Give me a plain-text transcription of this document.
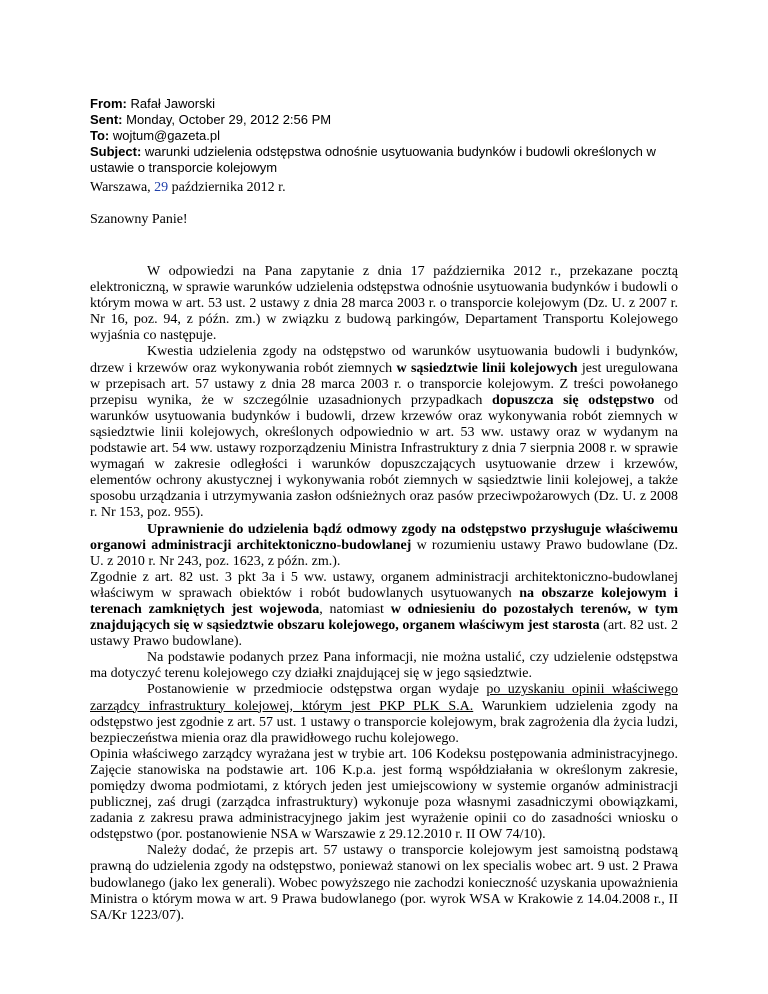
From: Rafał Jaworski
Sent: Monday, October 29, 2012 2:56 PM
To: wojtum@gazeta.pl
Subject: warunki udzielenia odstępstwa odnośnie usytuowania budynków i budowli określonych w ustawie o transporcie kolejowym
Warszawa, 29 października 2012 r.
Szanowny Panie!

W odpowiedzi na Pana zapytanie z dnia 17 października 2012 r., przekazane pocztą elektroniczną, w sprawie warunków udzielenia odstępstwa odnośnie usytuowania budynków i budowli o którym mowa w art. 53 ust. 2 ustawy z dnia 28 marca 2003 r. o transporcie kolejowym (Dz. U. z 2007 r. Nr 16, poz. 94, z późn. zm.) w związku z budową parkingów, Departament Transportu Kolejowego wyjaśnia co następuje.

Kwestia udzielenia zgody na odstępstwo od warunków usytuowania budowli i budynków, drzew i krzewów oraz wykonywania robót ziemnych w sąsiedztwie linii kolejowych jest uregulowana w przepisach art. 57 ustawy z dnia 28 marca 2003 r. o transporcie kolejowym. Z treści powołanego przepisu wynika, że w szczególnie uzasadnionych przypadkach dopuszcza się odstępstwo od warunków usytuowania budynków i budowli, drzew krzewów oraz wykonywania robót ziemnych w sąsiedztwie linii kolejowych, określonych odpowiednio w art. 53 ww. ustawy oraz w wydanym na podstawie art. 54 ww. ustawy rozporządzeniu Ministra Infrastruktury z dnia 7 sierpnia 2008 r. w sprawie wymagań w zakresie odległości i warunków dopuszczających usytuowanie drzew i krzewów, elementów ochrony akustycznej i wykonywania robót ziemnych w sąsiedztwie linii kolejowej, a także sposobu urządzania i utrzymywania zasłon odśnieżnych oraz pasów przeciwpożarowych (Dz. U. z 2008 r. Nr 153, poz. 955).

Uprawnienie do udzielenia bądź odmowy zgody na odstępstwo przysługuje właściwemu organowi administracji architektoniczno-budowlanej w rozumieniu ustawy Prawo budowlane (Dz. U. z 2010 r. Nr 243, poz. 1623, z późn. zm.).

Zgodnie z art. 82 ust. 3 pkt 3a i 5 ww. ustawy, organem administracji architektoniczno-budowlanej właściwym w sprawach obiektów i robót budowlanych usytuowanych na obszarze kolejowym i terenach zamkniętych jest wojewoda, natomiast w odniesieniu do pozostałych terenów, w tym znajdujących się w sąsiedztwie obszaru kolejowego, organem właściwym jest starosta (art. 82 ust. 2 ustawy Prawo budowlane).

Na podstawie podanych przez Pana informacji, nie można ustalić, czy udzielenie odstępstwa ma dotyczyć terenu kolejowego czy działki znajdującej się w jego sąsiedztwie.

Postanowienie w przedmiocie odstępstwa organ wydaje po uzyskaniu opinii właściwego zarządcy infrastruktury kolejowej, którym jest PKP PLK S.A. Warunkiem udzielenia zgody na odstępstwo jest zgodnie z art. 57 ust. 1 ustawy o transporcie kolejowym, brak zagrożenia dla życia ludzi, bezpieczeństwa mienia oraz dla prawidłowego ruchu kolejowego.

Opinia właściwego zarządcy wyrażana jest w trybie art. 106 Kodeksu postępowania administracyjnego. Zajęcie stanowiska na podstawie art. 106 K.p.a. jest formą współdziałania w określonym zakresie, pomiędzy dwoma podmiotami, z których jeden jest umiejscowiony w systemie organów administracji publicznej, zaś drugi (zarządca infrastruktury) wykonuje poza własnymi zasadniczymi obowiązkami, zadania z zakresu prawa administracyjnego jakim jest wyrażenie opinii co do zasadności wniosku o odstępstwo (por. postanowienie NSA w Warszawie z 29.12.2010 r. II OW 74/10).

Należy dodać, że przepis art. 57 ustawy o transporcie kolejowym jest samoistną podstawą prawną do udzielenia zgody na odstępstwo, ponieważ stanowi on lex specialis wobec art. 9 ust. 2 Prawa budowlanego (jako lex generali). Wobec powyższego nie zachodzi konieczność uzyskania upoważnienia Ministra o którym mowa w art. 9 Prawa budowlanego (por. wyrok WSA w Krakowie z 14.04.2008 r., II SA/Kr 1223/07).
